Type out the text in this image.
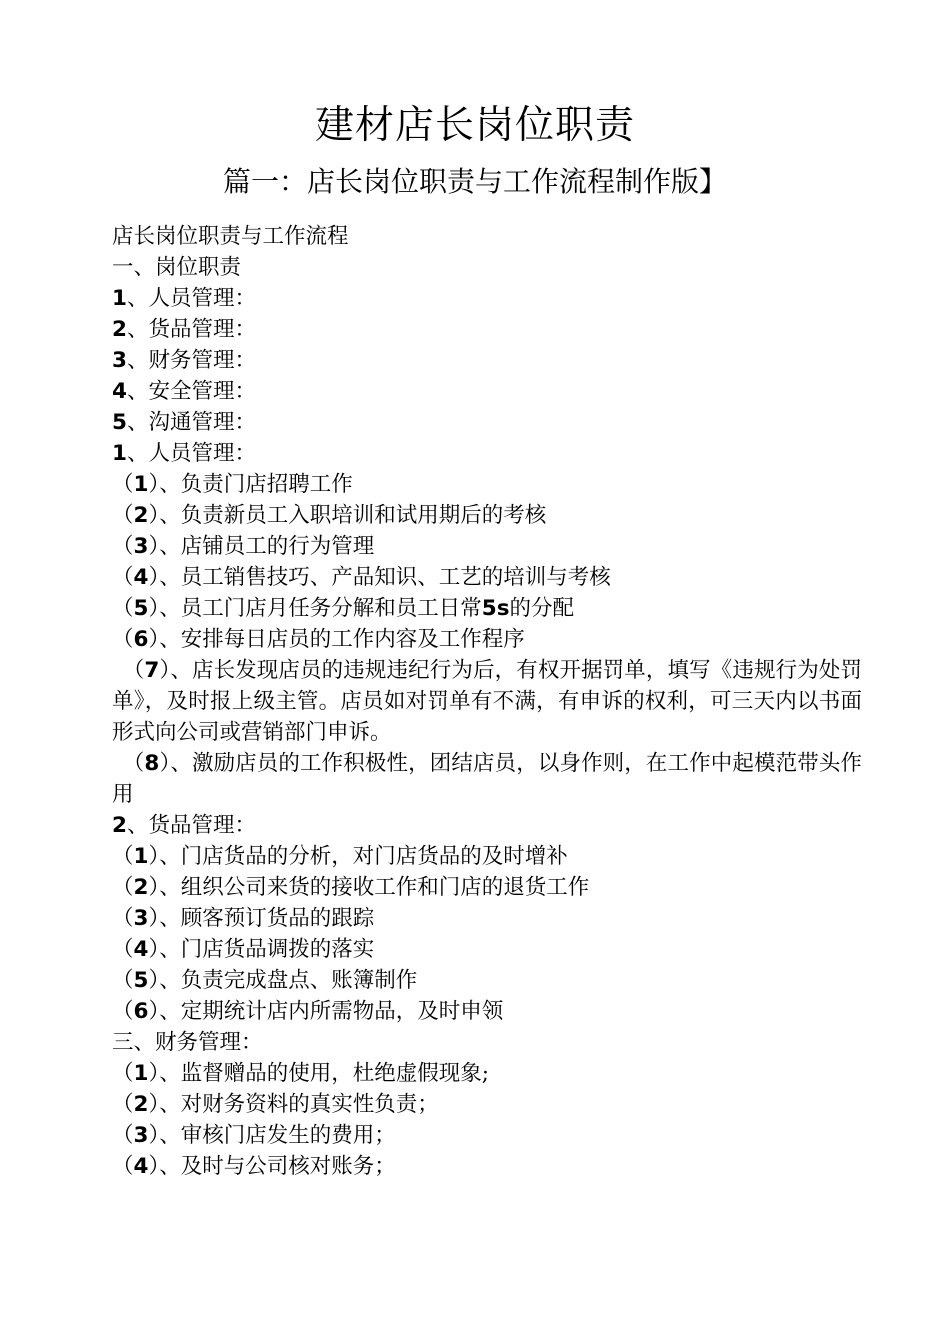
建材店长岗位职责
篇一：店长岗位职责与工作流程制作版】
店长岗位职责与工作流程
一、岗位职责
1、人员管理：
2、货品管理：
3、财务管理：
4、安全管理：
5、沟通管理：
1、人员管理：
（1）、负责门店招聘工作
（2）、负责新员工入职培训和试用期后的考核
（3）、店铺员工的行为管理
（4）、员工销售技巧、产品知识、工艺的培训与考核
（5）、员工门店月任务分解和员工日常5s的分配
（6）、安排每日店员的工作内容及工作程序
（7）、店长发现店员的违规违纪行为后，有权开据罚单，填写《违规行为处罚单》，及时报上级主管。店员如对罚单有不满，有申诉的权利，可三天内以书面形式向公司或营销部门申诉。
（8）、激励店员的工作积极性，团结店员，以身作则，在工作中起模范带头作用
2、货品管理：
（1）、门店货品的分析，对门店货品的及时增补
（2）、组织公司来货的接收工作和门店的退货工作
（3）、顾客预订货品的跟踪
（4）、门店货品调拨的落实
（5）、负责完成盘点、账簿制作
（6）、定期统计店内所需物品，及时申领
三、财务管理：
（1）、监督赠品的使用，杜绝虚假现象;
（2）、对财务资料的真实性负责；
（3）、审核门店发生的费用；
（4）、及时与公司核对账务；
